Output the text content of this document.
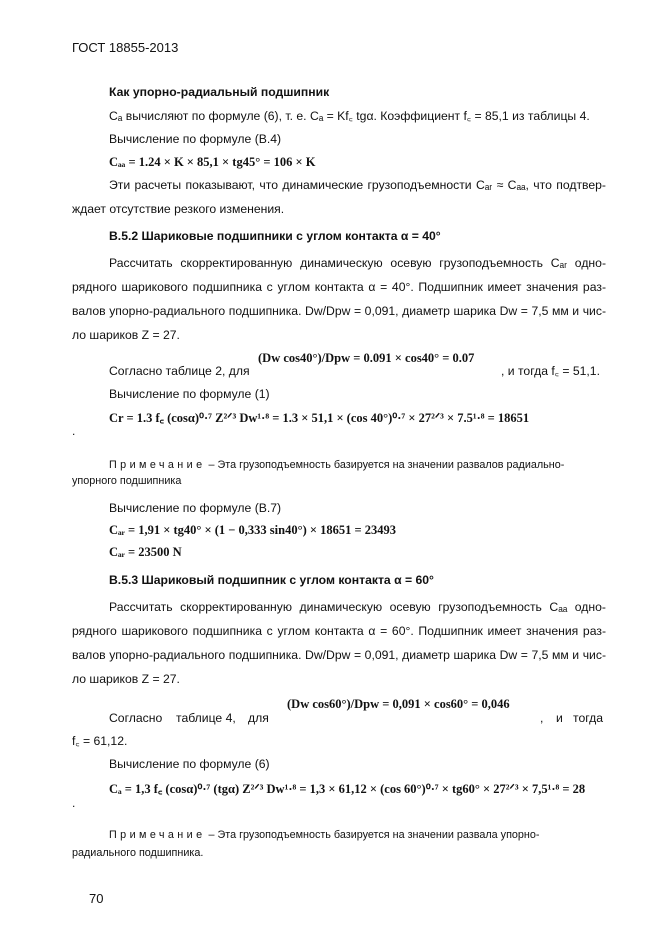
ГОСТ 18855-2013
Как упорно-радиальный подшипник
Cₐ вычисляют по формуле (6), т. е. Cₐ = Kf꜀ tgα. Коэффициент f꜀ = 85,1 из таблицы 4.
Вычисление по формуле (В.4)
Cₐₐ = 1.24 × K × 85,1 × tg45° = 106 × K
Эти расчеты показывают, что динамические грузоподъемности Cₐᵣ ≈ Cₐₐ, что подтвер-
ждает отсутствие резкого изменения.
В.5.2 Шариковые подшипники с углом контакта α = 40°
Рассчитать скорректированную динамическую осевую грузоподъемность Cₐᵣ одно-
рядного шарикового подшипника с углом контакта α = 40°. Подшипник имеет значения раз-
валов упорно-радиального подшипника. Dw/Dpw = 0,091, диаметр шарика Dw = 7,5 мм и чис-
ло шариков Z = 27.
Согласно таблице 2, для
(Dw cos40°)/Dpw = 0.091 × cos40° = 0.07
, и тогда f꜀ = 51,1.
Вычисление по формуле (1)
Cr = 1.3 f꜀ (cosα)⁰·⁷ Z²ᐟ³ Dw¹·⁸ = 1.3 × 51,1 × (cos 40°)⁰·⁷ × 27²ᐟ³ × 7.5¹·⁸ = 18651
.
Примечание – Эта грузоподъемность базируется на значении развалов радиально-
упорного подшипника
Вычисление по формуле (В.7)
Cₐᵣ = 1,91 × tg40° × (1 − 0,333 sin40°) × 18651 = 23493
Cₐᵣ = 23500 N
В.5.3 Шариковый подшипник с углом контакта α = 60°
Рассчитать скорректированную динамическую осевую грузоподъемность Cₐₐ одно-
рядного шарикового подшипника с углом контакта α = 60°. Подшипник имеет значения раз-
валов упорно-радиального подшипника. Dw/Dpw = 0,091, диаметр шарика Dw = 7,5 мм и чис-
ло шариков Z = 27.
Согласно таблице 4, для
(Dw cos60°)/Dpw = 0,091 × cos60° = 0,046
, и тогда
f꜀ = 61,12.
Вычисление по формуле (6)
Cₐ = 1,3 f꜀ (cosα)⁰·⁷ (tgα) Z²ᐟ³ Dw¹·⁸ = 1,3 × 61,12 × (cos 60°)⁰·⁷ × tg60° × 27²ᐟ³ × 7,5¹·⁸ = 28
.
Примечание – Эта грузоподъемность базируется на значении развала упорно-
радиального подшипника.
70
